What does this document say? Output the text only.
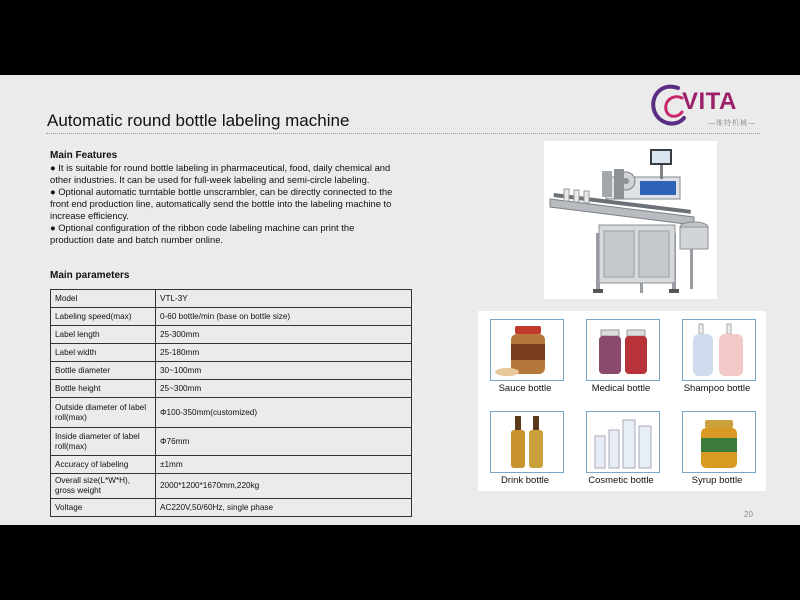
Automatic round bottle labeling machine
VITA
—维特机械—
Main Features
● It is suitable for round bottle labeling in pharmaceutical, food, daily chemical and other industries. It can be used for full-week labeling and semi-circle labeling.
● Optional automatic turntable bottle unscrambler, can be directly connected to the front end production line, automatically send the bottle into the labeling machine to increase efficiency.
● Optional configuration of the ribbon code labeling machine can print the production date and batch number online.
Main parameters
Model	VTL-3Y
Labeling speed(max)	0-60 bottle/min (base on bottle size)
Label length	25-300mm
Label width	25-180mm
Bottle diameter	30~100mm
Bottle height	25~300mm
Outside diameter of label roll(max)	Φ100-350mm(customized)
Inside diameter of label roll(max)	Φ76mm
Accuracy of labeling	±1mm
Overall size(L*W*H), gross weight	2000*1200*1670mm,220kg
Voltage	AC220V,50/60Hz, single phase
Sauce bottle	Medical bottle	Shampoo bottle
Drink bottle	Cosmetic bottle	Syrup bottle
20
